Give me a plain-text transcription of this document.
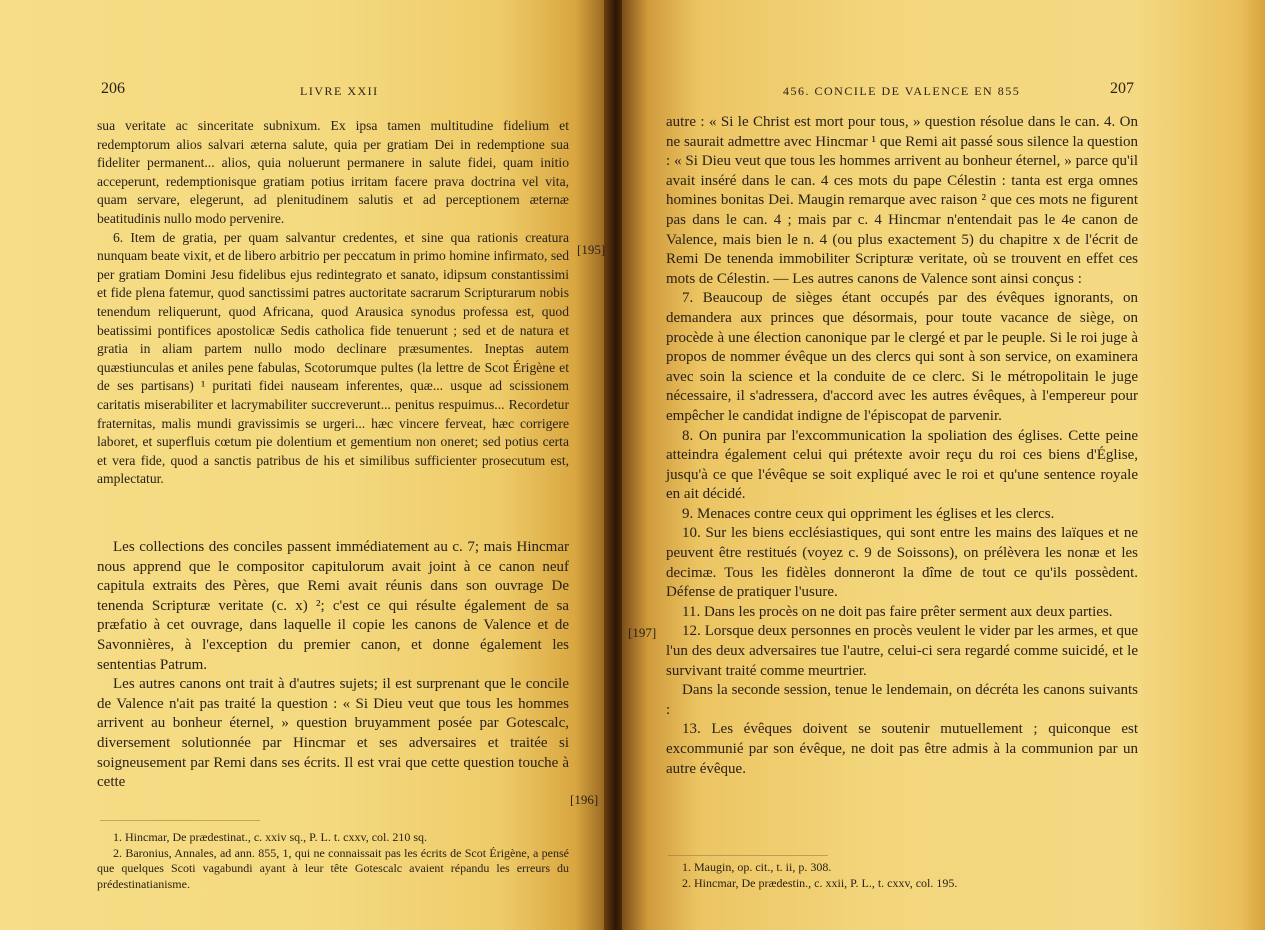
206	LIVRE XXII

sua veritate ac sinceritate subnixum. Ex ipsa tamen multitudine fidelium et redemptorum alios salvari æterna salute, quia per gratiam Dei in redemptione sua fideliter permanent... alios, quia noluerunt permanere in salute fidei, quam initio acceperunt, redemptionisque gratiam potius irritam facere prava doctrina vel vita, quam servare, elegerunt, ad plenitudinem salutis et ad perceptionem æternæ beatitudinis nullo modo pervenire.

6. Item de gratia, per quam salvantur credentes, et sine qua rationis creatura nunquam beate vixit, et de libero arbitrio per peccatum in primo homine infirmato, sed per gratiam Domini Jesu fidelibus ejus redintegrato et sanato, idipsum constantissimi et fide plena fatemur, quod sanctissimi patres auctoritate sacrarum Scripturarum nobis tenendum reliquerunt, quod Africana, quod Arausica synodus professa est, quod beatissimi pontifices apostolicæ Sedis catholica fide tenuerunt ; sed et de natura et gratia in aliam partem nullo modo declinare præsumentes. Ineptas autem quæstiunculas et aniles pene fabulas, Scotorumque pultes (la lettre de Scot Érigène et de ses partisans) ¹ puritati fidei nauseam inferentes, quæ... usque ad scissionem caritatis miserabiliter et lacrymabiliter succreverunt... penitus respuimus... Recordetur fraternitas, malis mundi gravissimis se urgeri... hæc vincere ferveat, hæc corrigere laboret, et superfluis cœtum pie dolentium et gementium non oneret; sed potius certa et vera fide, quod a sanctis patribus de his et similibus sufficienter prosecutum est, amplectatur.

Les collections des conciles passent immédiatement au c. 7; mais Hincmar nous apprend que le compositor capitulorum avait joint à ce canon neuf capitula extraits des Pères, que Remi avait réunis dans son ouvrage De tenenda Scripturæ veritate (c. x) ²; c'est ce qui résulte également de sa præfatio à cet ouvrage, dans laquelle il copie les canons de Valence et de Savonnières, à l'exception du premier canon, et donne également les sententias Patrum.

Les autres canons ont trait à d'autres sujets; il est surprenant que le concile de Valence n'ait pas traité la question : « Si Dieu veut que tous les hommes arrivent au bonheur éternel, » question bruyamment posée par Gotescalc, diversement solutionnée par Hincmar et ses adversaires et traitée si soigneusement par Remi dans ses écrits. Il est vrai que cette question touche à cette

1. Hincmar, De prædestinat., c. xxiv sq., P. L. t. cxxv, col. 210 sq.

2. Baronius, Annales, ad ann. 855, 1, qui ne connaissait pas les écrits de Scot Érigène, a pensé que quelques Scoti vagabundi ayant à leur tête Gotescalc avaient répandu les erreurs du prédestinatianisme.

[195]
[196]
456. CONCILE DE VALENCE EN 855	207

autre : « Si le Christ est mort pour tous, » question résolue dans le can. 4. On ne saurait admettre avec Hincmar ¹ que Remi ait passé sous silence la question : « Si Dieu veut que tous les hommes arrivent au bonheur éternel, » parce qu'il avait inséré dans le can. 4 ces mots du pape Célestin : tanta est erga omnes homines bonitas Dei. Maugin remarque avec raison ² que ces mots ne figurent pas dans le can. 4 ; mais par c. 4 Hincmar n'entendait pas le 4e canon de Valence, mais bien le n. 4 (ou plus exactement 5) du chapitre x de l'écrit de Remi De tenenda immobiliter Scripturæ veritate, où se trouvent en effet ces mots de Célestin. — Les autres canons de Valence sont ainsi conçus :

7. Beaucoup de sièges étant occupés par des évêques ignorants, on demandera aux princes que désormais, pour toute vacance de siège, on procède à une élection canonique par le clergé et par le peuple. Si le roi juge à propos de nommer évêque un des clercs qui sont à son service, on examinera avec soin la science et la conduite de ce clerc. Si le métropolitain le juge nécessaire, il s'adressera, d'accord avec les autres évêques, à l'empereur pour empêcher le candidat indigne de l'épiscopat de parvenir.

8. On punira par l'excommunication la spoliation des églises. Cette peine atteindra également celui qui prétexte avoir reçu du roi ces biens d'Église, jusqu'à ce que l'évêque se soit expliqué avec le roi et qu'une sentence royale en ait décidé.

9. Menaces contre ceux qui oppriment les églises et les clercs.

10. Sur les biens ecclésiastiques, qui sont entre les mains des laïques et ne peuvent être restitués (voyez c. 9 de Soissons), on prélèvera les nonæ et les decimæ. Tous les fidèles donneront la dîme de tout ce qu'ils possèdent. Défense de pratiquer l'usure.

11. Dans les procès on ne doit pas faire prêter serment aux deux parties.

12. Lorsque deux personnes en procès veulent le vider par les armes, et que l'un des deux adversaires tue l'autre, celui-ci sera regardé comme suicidé, et le survivant traité comme meurtrier.

Dans la seconde session, tenue le lendemain, on décréta les canons suivants :

13. Les évêques doivent se soutenir mutuellement ; quiconque est excommunié par son évêque, ne doit pas être admis à la communion par un autre évêque.

1. Maugin, op. cit., t. ii, p. 308.

2. Hincmar, De prædestin., c. xxii, P. L., t. cxxv, col. 195.

[197]
